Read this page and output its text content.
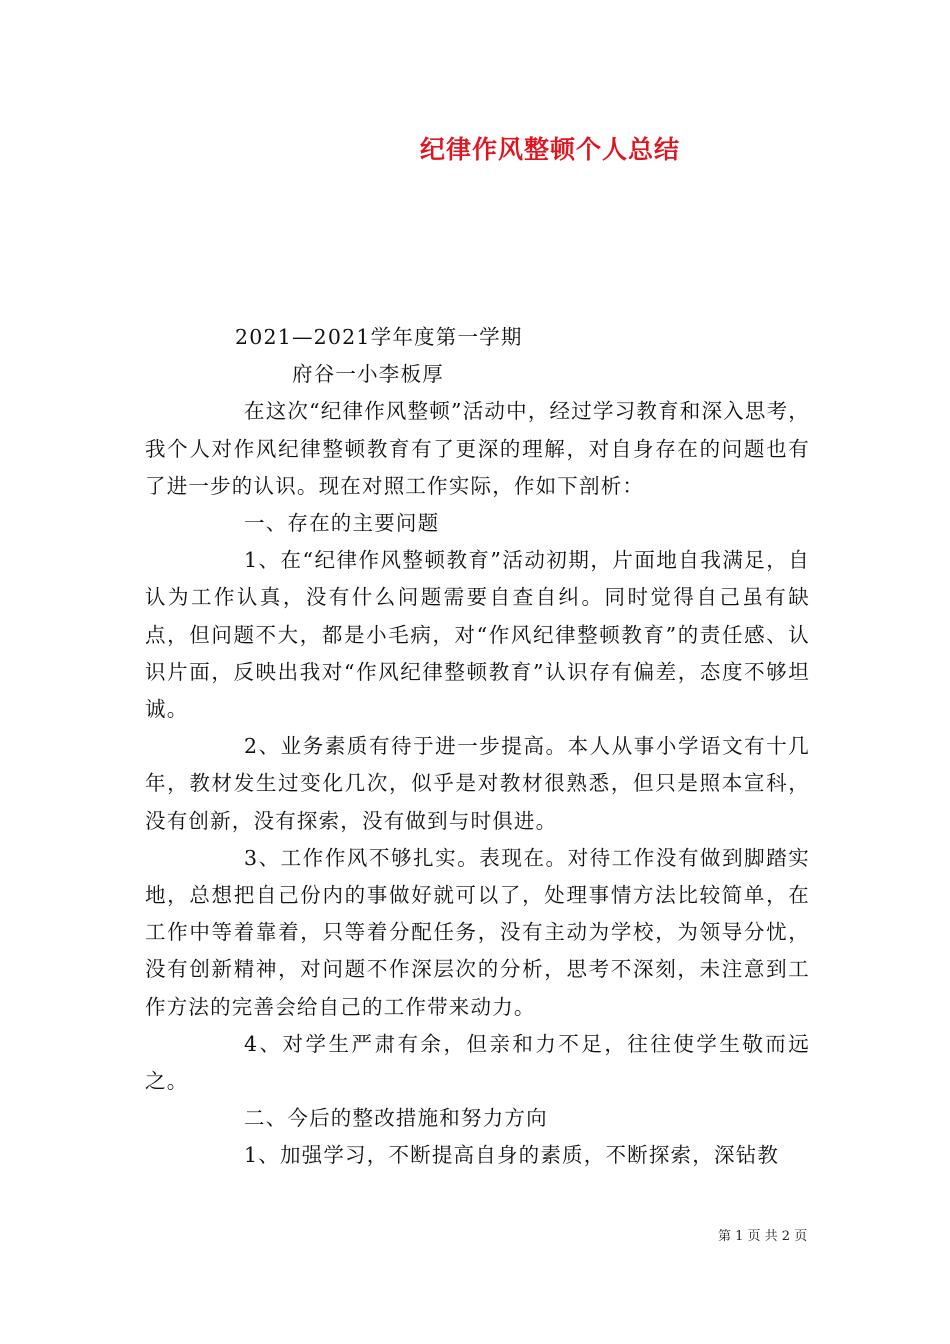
纪律作风整顿个人总结

2021—2021学年度第一学期

府谷一小李板厚

在这次“纪律作风整顿”活动中，经过学习教育和深入思考，我个人对作风纪律整顿教育有了更深的理解，对自身存在的问题也有了进一步的认识。现在对照工作实际，作如下剖析：

一、存在的主要问题

1、在“纪律作风整顿教育”活动初期，片面地自我满足，自认为工作认真，没有什么问题需要自查自纠。同时觉得自己虽有缺点，但问题不大，都是小毛病，对“作风纪律整顿教育”的责任感、认识片面，反映出我对“作风纪律整顿教育”认识存有偏差，态度不够坦诚。

2、业务素质有待于进一步提高。本人从事小学语文有十几年，教材发生过变化几次，似乎是对教材很熟悉，但只是照本宣科，没有创新，没有探索，没有做到与时俱进。

3、工作作风不够扎实。表现在。对待工作没有做到脚踏实地，总想把自己份内的事做好就可以了，处理事情方法比较简单，在工作中等着靠着，只等着分配任务，没有主动为学校，为领导分忧，没有创新精神，对问题不作深层次的分析，思考不深刻，未注意到工作方法的完善会给自己的工作带来动力。

4、对学生严肃有余，但亲和力不足，往往使学生敬而远之。

二、今后的整改措施和努力方向

1、加强学习，不断提高自身的素质，不断探索，深钻教

第 1 页 共 2 页
